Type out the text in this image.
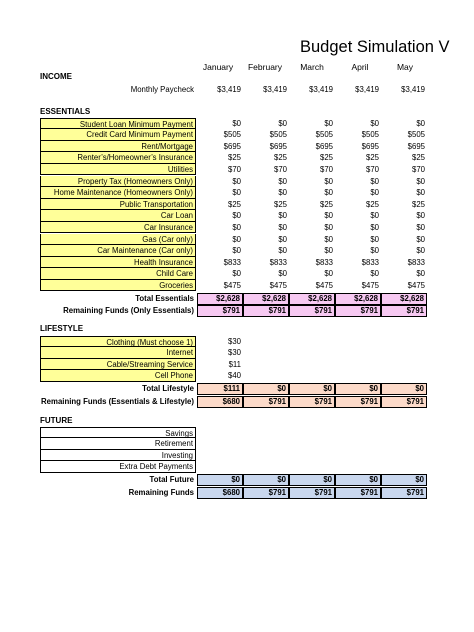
Budget Simulation V
January	February	March	April	May
INCOME
Monthly Paycheck	$3,419	$3,419	$3,419	$3,419	$3,419
ESSENTIALS
Student Loan Minimum Payment	$0	$0	$0	$0	$0
Credit Card Minimum Payment	$505	$505	$505	$505	$505
Rent/Mortgage	$695	$695	$695	$695	$695
Renter’s/Homeowner’s Insurance	$25	$25	$25	$25	$25
Utilities	$70	$70	$70	$70	$70
Property Tax (Homeowners Only)	$0	$0	$0	$0	$0
Home Maintenance (Homeowners Only)	$0	$0	$0	$0	$0
Public Transportation	$25	$25	$25	$25	$25
Car Loan	$0	$0	$0	$0	$0
Car Insurance	$0	$0	$0	$0	$0
Gas (Car only)	$0	$0	$0	$0	$0
Car Maintenance (Car only)	$0	$0	$0	$0	$0
Health Insurance	$833	$833	$833	$833	$833
Child Care	$0	$0	$0	$0	$0
Groceries	$475	$475	$475	$475	$475
Total Essentials	$2,628	$2,628	$2,628	$2,628	$2,628
Remaining Funds (Only Essentials)	$791	$791	$791	$791	$791
LIFESTYLE
Clothing (Must choose 1)	$30
Internet	$30
Cable/Streaming Service	$11
Cell Phone	$40
Total Lifestyle	$111	$0	$0	$0	$0
Remaining Funds (Essentials & Lifestyle)	$680	$791	$791	$791	$791
FUTURE
Savings
Retirement
Investing
Extra Debt Payments
Total Future	$0	$0	$0	$0	$0
Remaining Funds	$680	$791	$791	$791	$791
